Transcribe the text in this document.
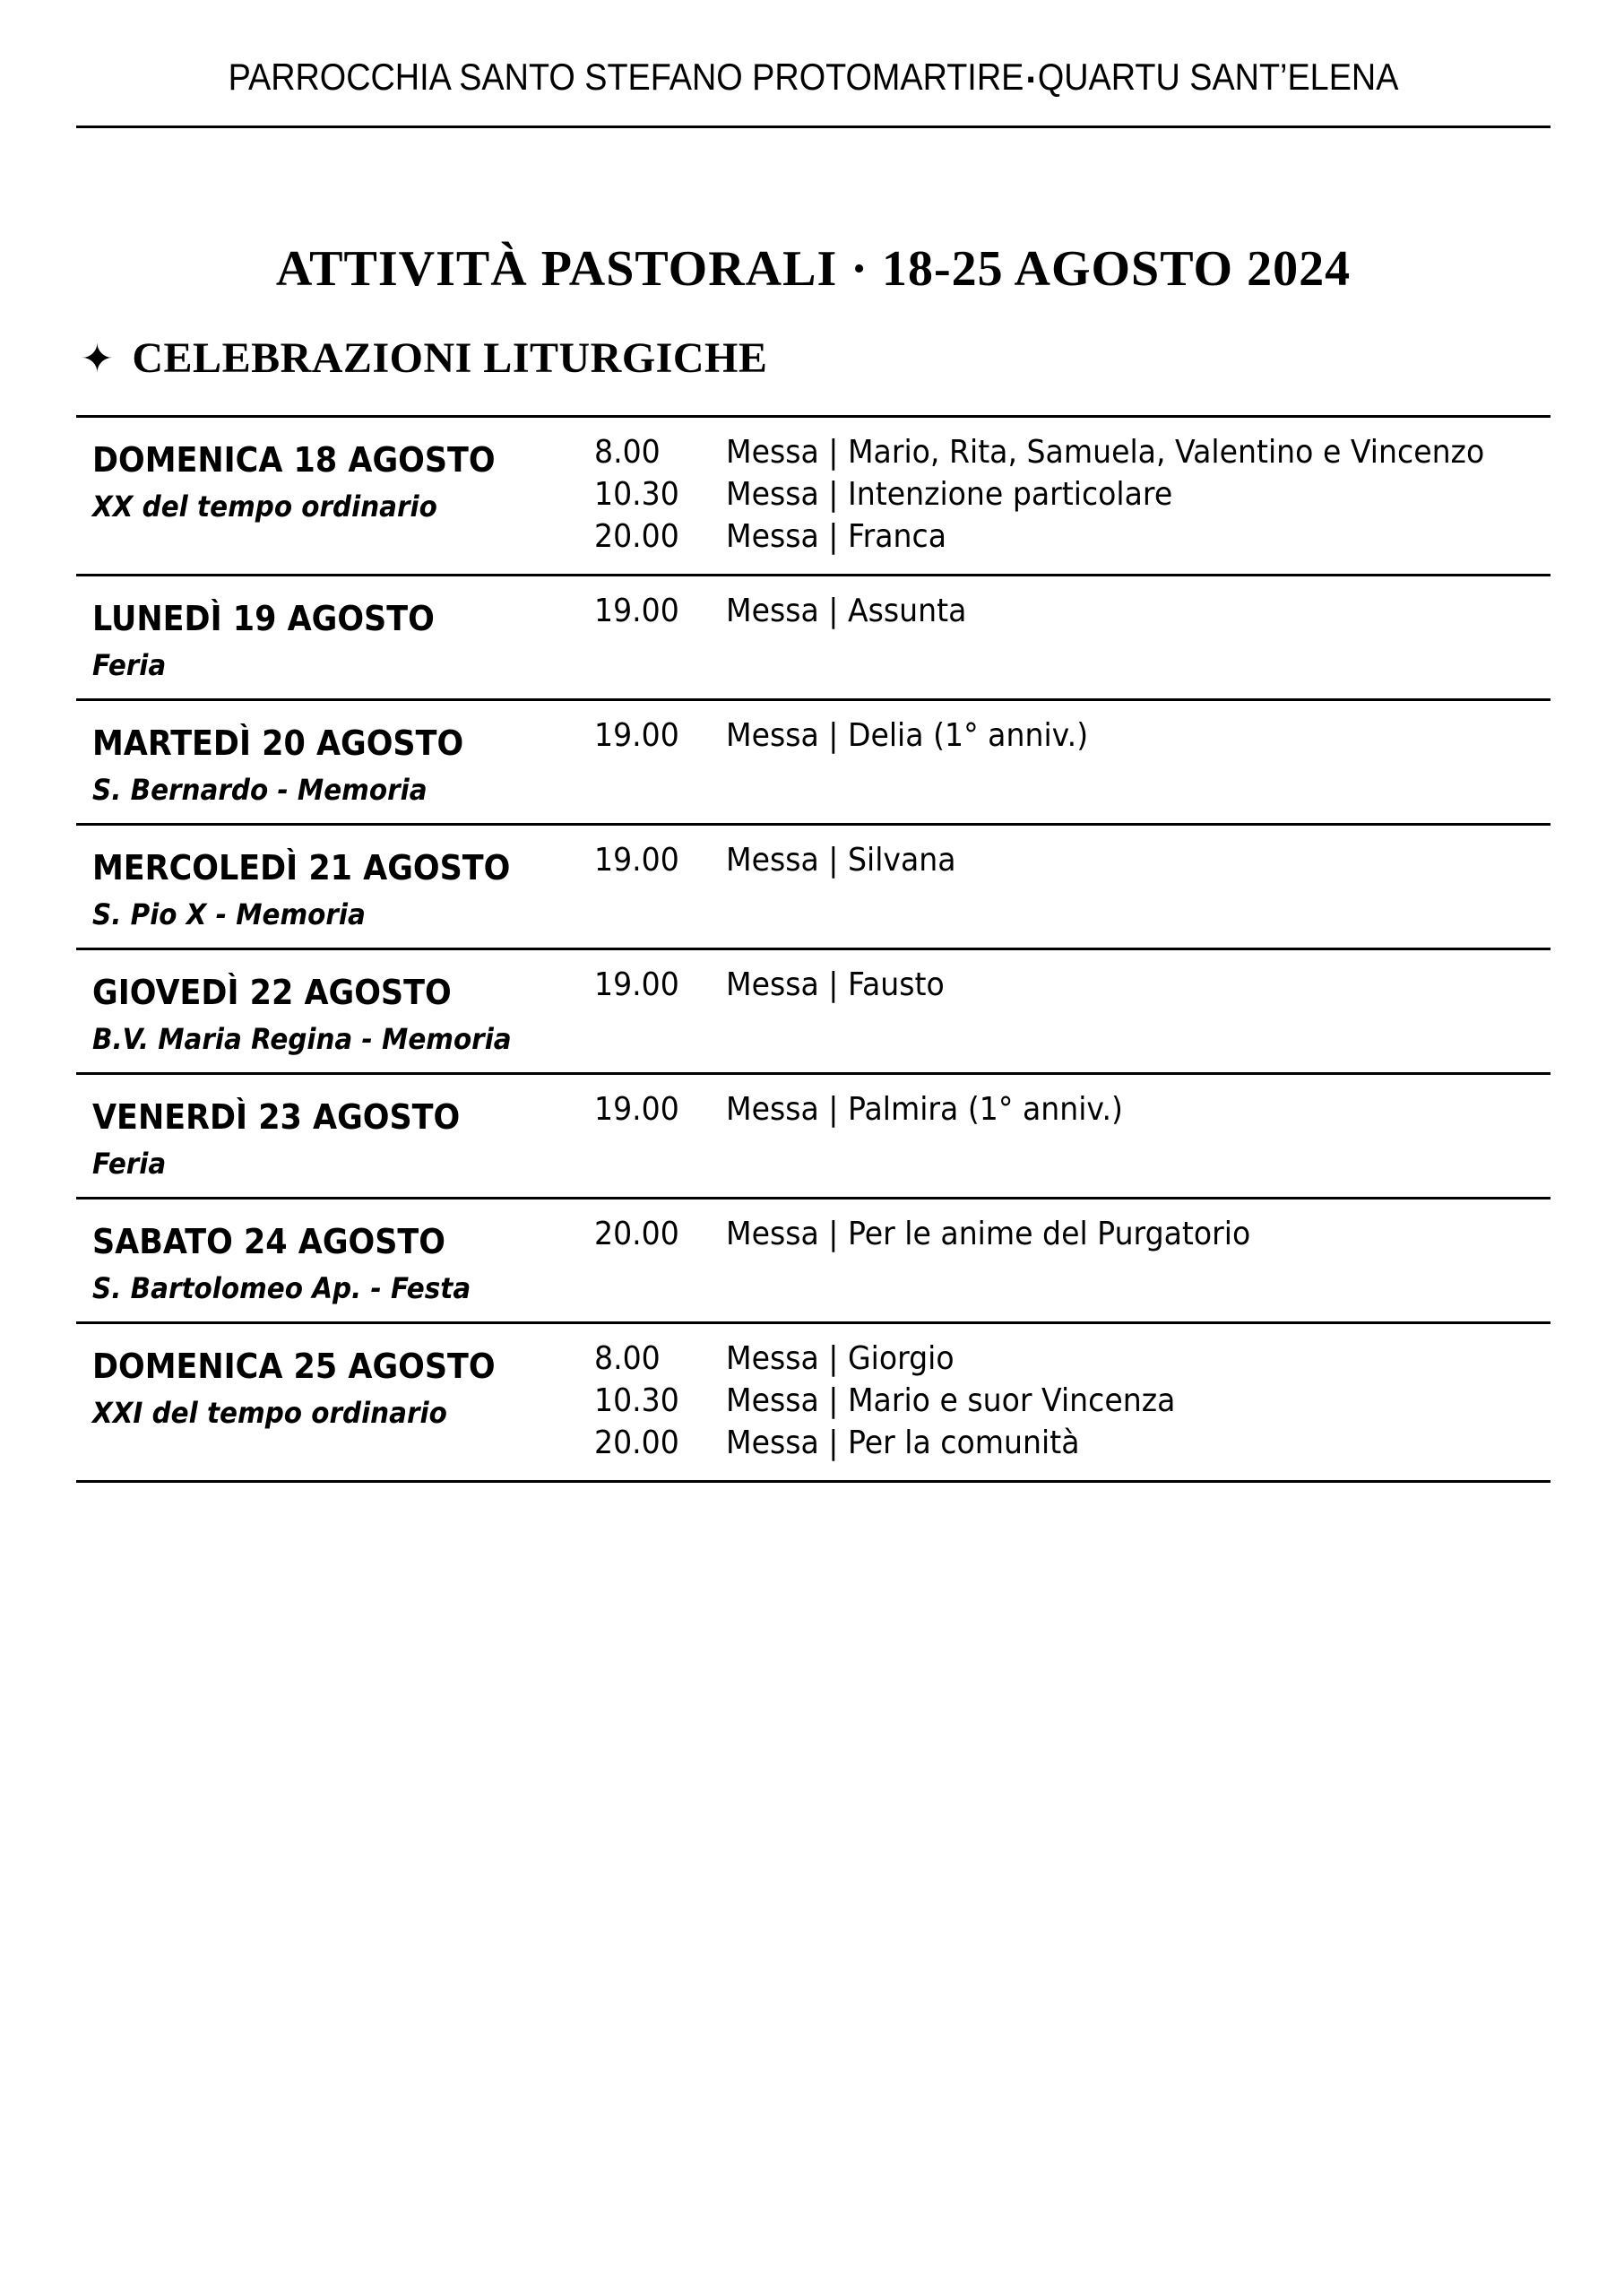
PARROCCHIA SANTO STEFANO PROTOMARTIRE ▪QUARTU SANT’ELENA
ATTIVITÀ PASTORALI · 18-25 AGOSTO 2024
✦ CELEBRAZIONI LITURGICHE
DOMENICA 18 AGOSTO
XX del tempo ordinario
8.00 Messa | Mario, Rita, Samuela, Valentino e Vincenzo
10.30 Messa | Intenzione particolare
20.00 Messa | Franca
LUNEDÌ 19 AGOSTO
Feria
19.00 Messa | Assunta
MARTEDÌ 20 AGOSTO
S. Bernardo - Memoria
19.00 Messa | Delia (1° anniv.)
MERCOLEDÌ 21 AGOSTO
S. Pio X - Memoria
19.00 Messa | Silvana
GIOVEDÌ 22 AGOSTO
B.V. Maria Regina - Memoria
19.00 Messa | Fausto
VENERDÌ 23 AGOSTO
Feria
19.00 Messa | Palmira (1° anniv.)
SABATO 24 AGOSTO
S. Bartolomeo Ap. - Festa
20.00 Messa | Per le anime del Purgatorio
DOMENICA 25 AGOSTO
XXI del tempo ordinario
8.00 Messa | Giorgio
10.30 Messa | Mario e suor Vincenza
20.00 Messa | Per la comunità
